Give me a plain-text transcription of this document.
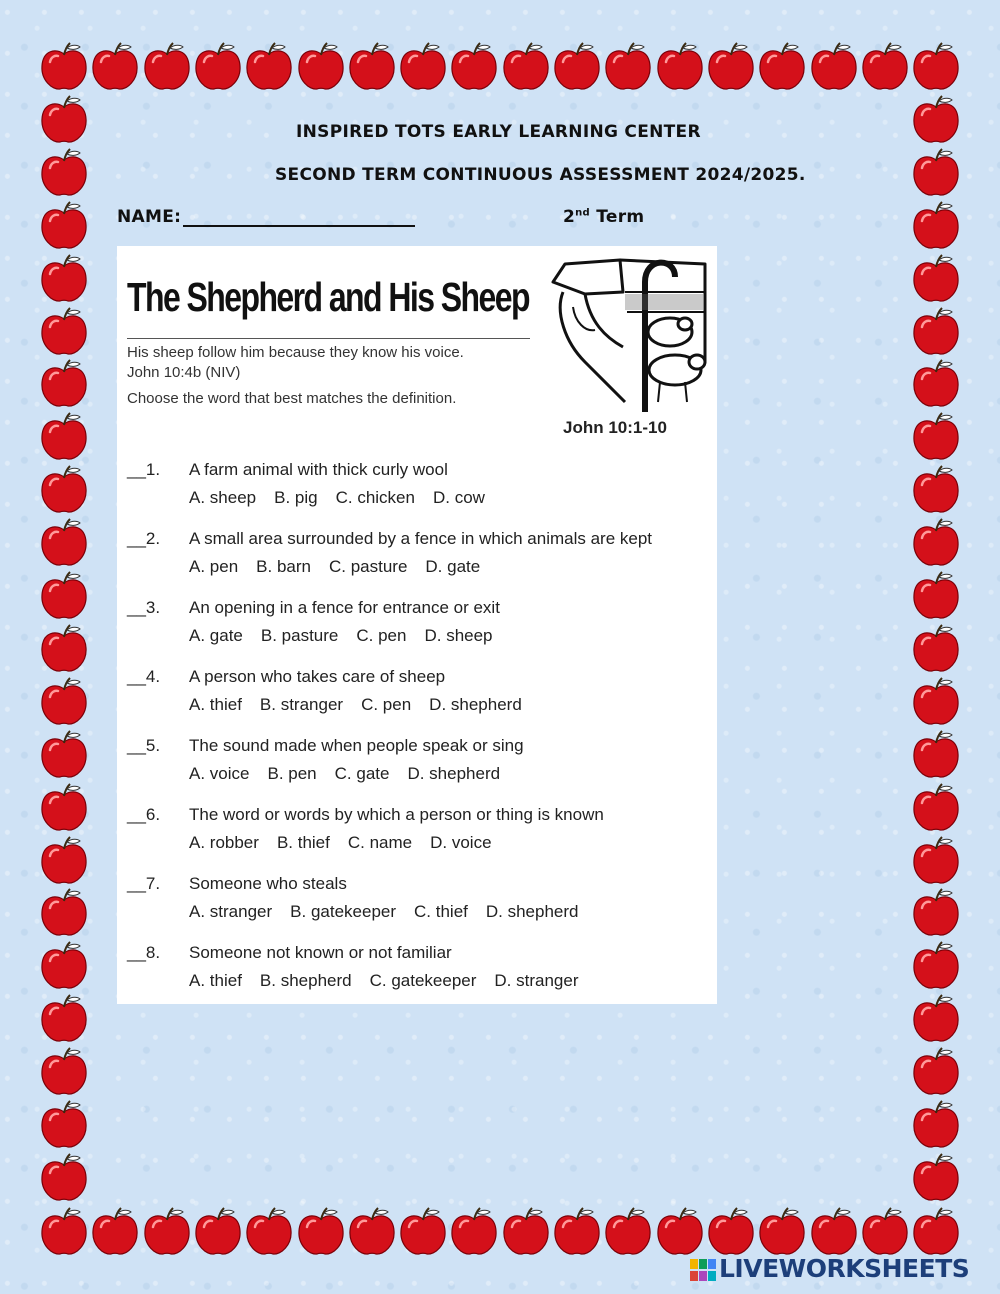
INSPIRED TOTS EARLY LEARNING CENTER
SECOND TERM CONTINUOUS ASSESSMENT 2024/2025.
NAME:	2nd Term
The Shepherd and His Sheep
His sheep follow him because they know his voice.
John 10:4b (NIV)
Choose the word that best matches the definition.
John 10:1-10
__1. A farm animal with thick curly wool
A. sheep B. pig C. chicken D. cow
__2. A small area surrounded by a fence in which animals are kept
A. pen B. barn C. pasture D. gate
__3. An opening in a fence for entrance or exit
A. gate B. pasture C. pen D. sheep
__4. A person who takes care of sheep
A. thief B. stranger C. pen D. shepherd
__5. The sound made when people speak or sing
A. voice B. pen C. gate D. shepherd
__6. The word or words by which a person or thing is known
A. robber B. thief C. name D. voice
__7. Someone who steals
A. stranger B. gatekeeper C. thief D. shepherd
__8. Someone not known or not familiar
A. thief B. shepherd C. gatekeeper D. stranger
LIVEWORKSHEETS
